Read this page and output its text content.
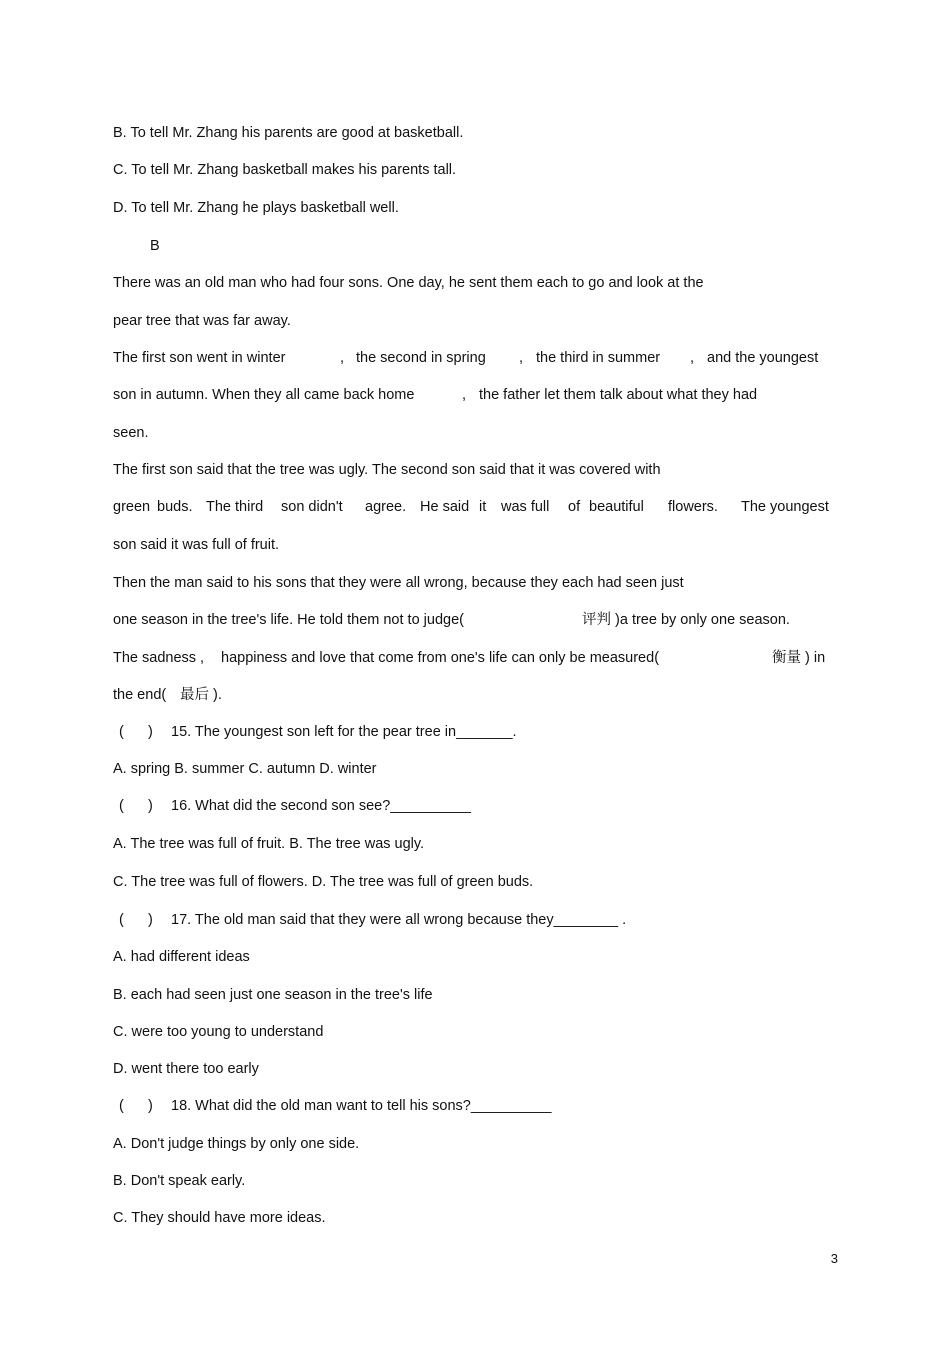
B. To tell Mr. Zhang his parents are good at basketball.

C. To tell Mr. Zhang basketball makes his parents tall.

D. To tell Mr. Zhang he plays basketball well.

B

There was an old man who had four sons. One day, he sent them each to go and look at the

pear tree that was far away.

The first son went in winter

	,

the second in spring

,

the third in summer

,

and the youngest

son in autumn. When they all came back home

	,

the father let them talk about what they had

seen.

The first son said that the tree was ugly. The second son said that it was covered with

green

buds.

The third

son didn't

agree.

He said

it

was full

of

beautiful

flowers.

The youngest

son said it was full of fruit.

Then the man said to his sons that they were all wrong, because they each had seen just

one season in the tree's life. He told them not to judge(

	评判 )a tree by only one season.

The sadness ,

happiness and love that come from one's life can only be measured(

	衡量 ) in

the end(

最后 ).

(      )

15. The youngest son left for the pear tree in_______.

A. spring B. summer C. autumn D. winter

(      )

16. What did the second son see?__________

A. The tree was full of fruit. B. The tree was ugly.

C. The tree was full of flowers. D. The tree was full of green buds.

(      )

17. The old man said that they were all wrong because they________ .

A. had different ideas

B. each had seen just one season in the tree's life

C. were too young to understand

D. went there too early

(      )

18. What did the old man want to tell his sons?__________

A. Don't judge things by only one side.

B. Don't speak early.

C. They should have more ideas.

3
